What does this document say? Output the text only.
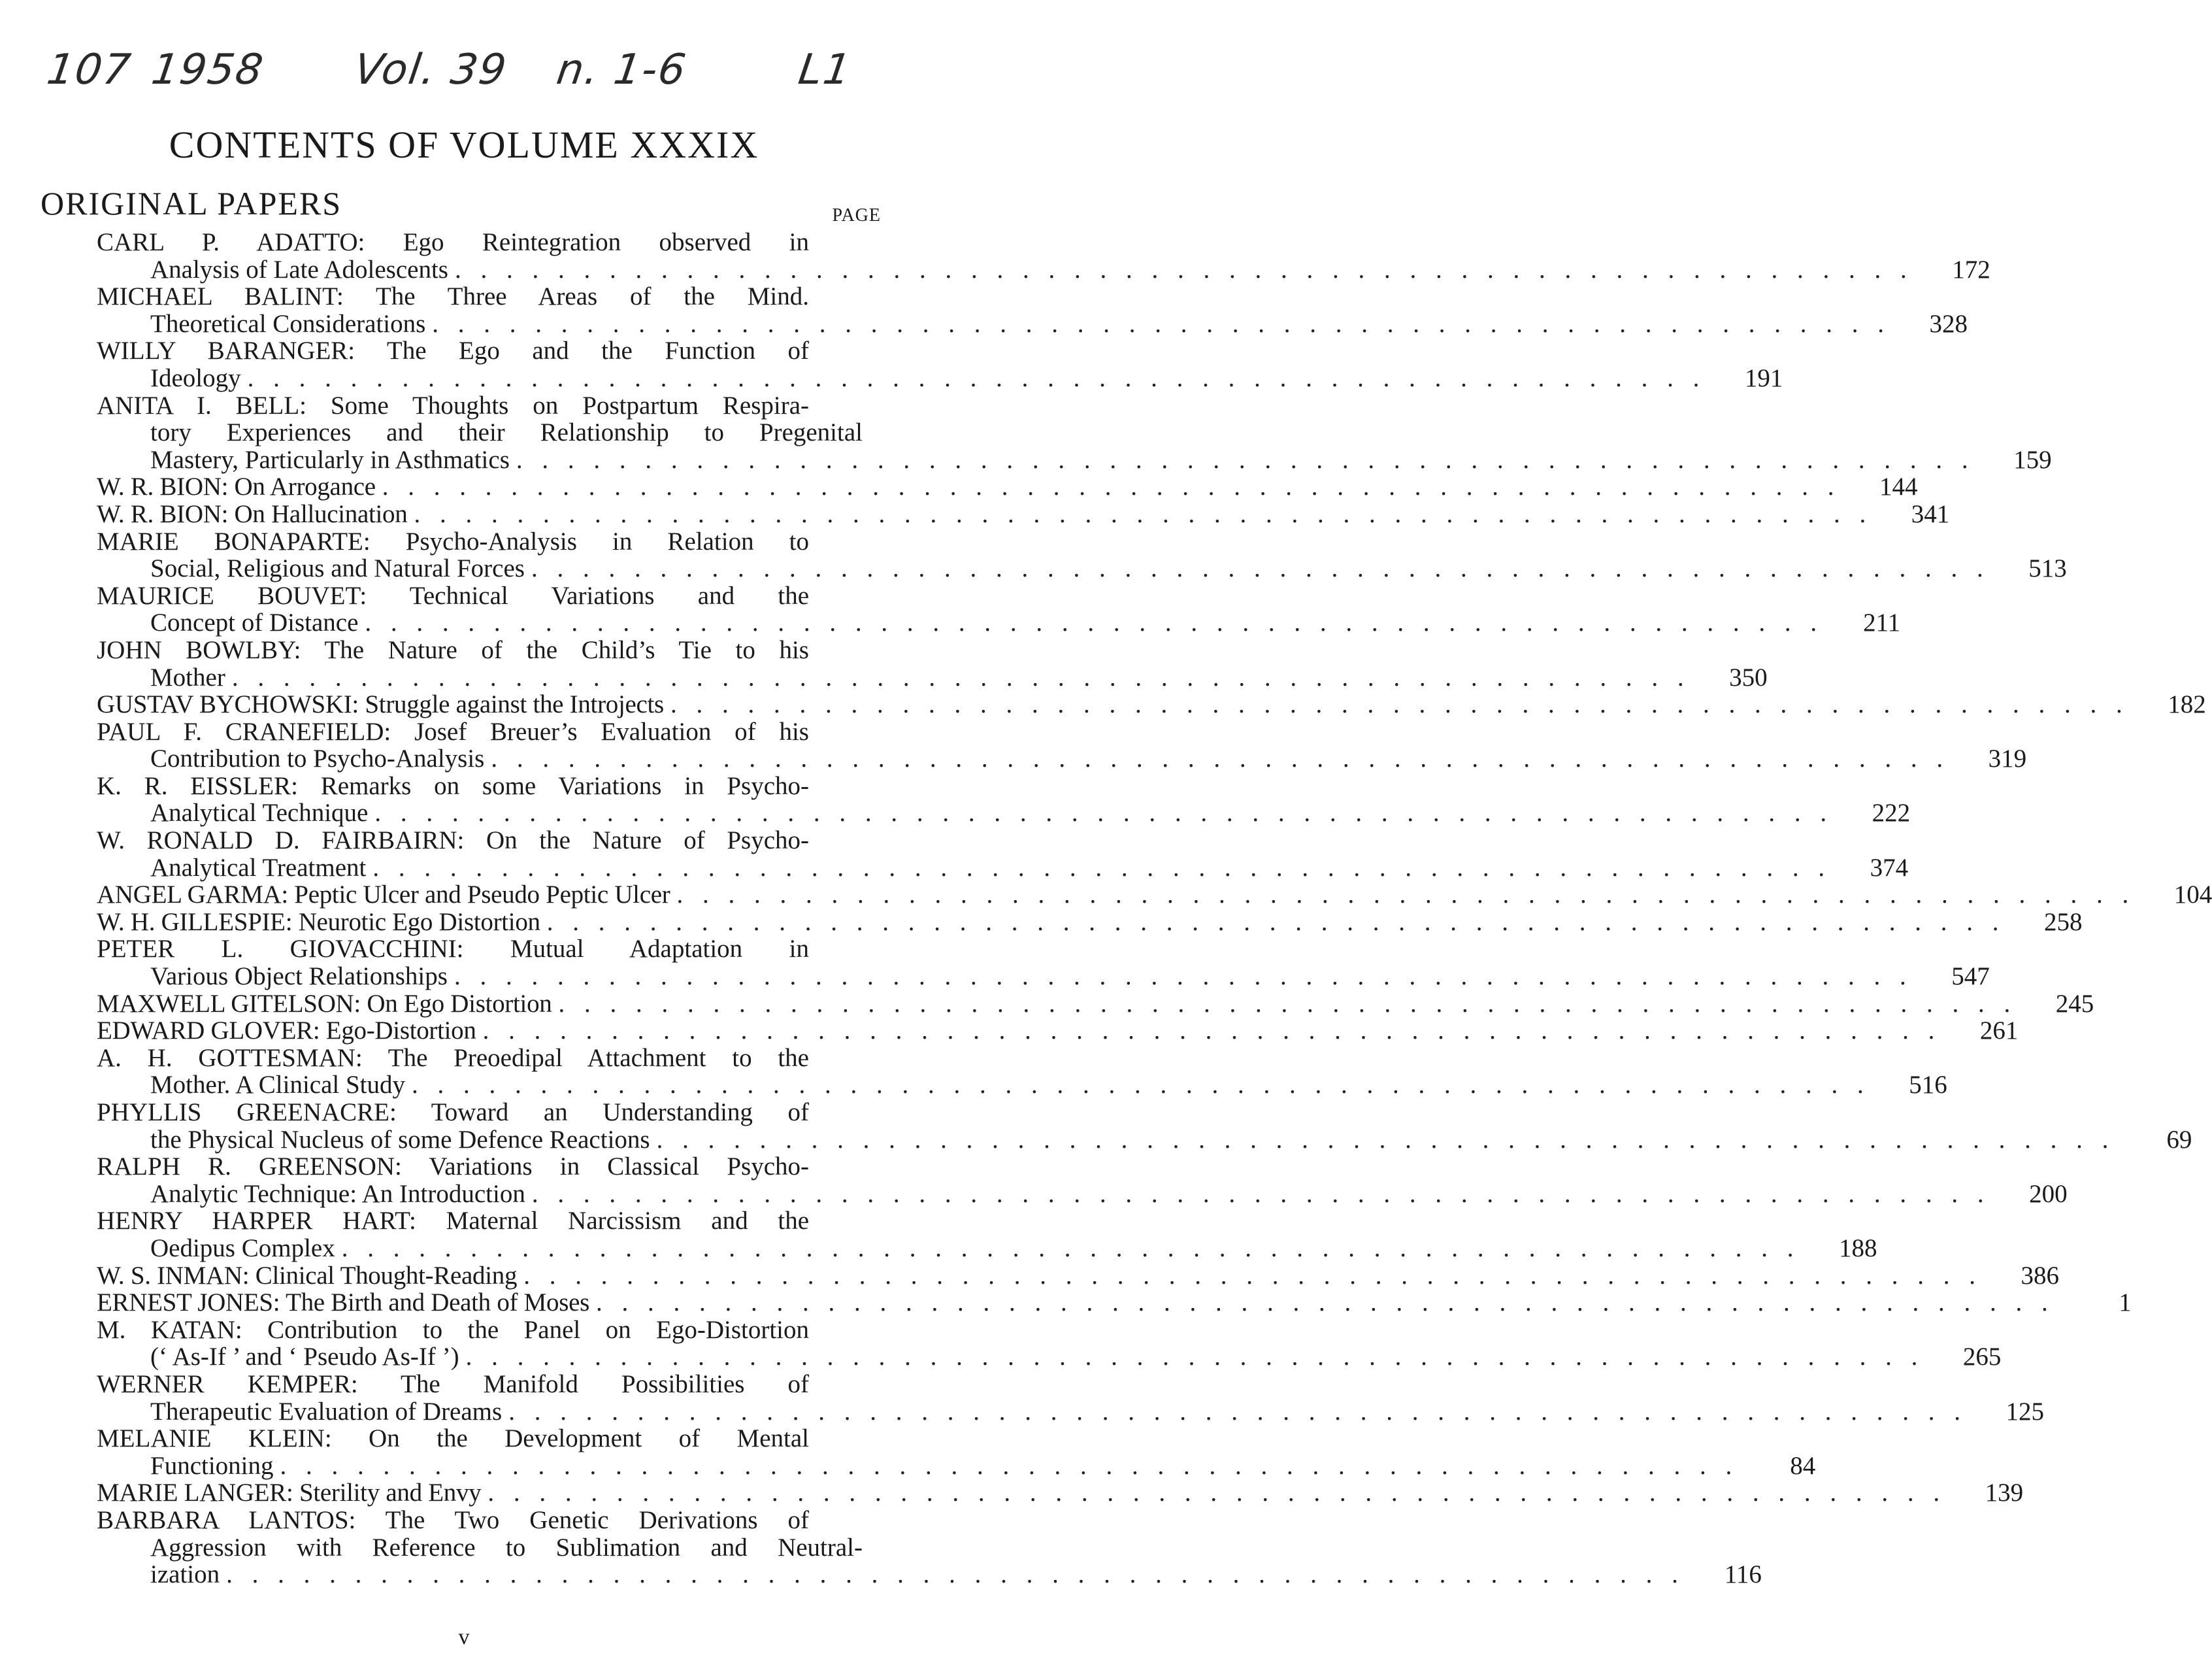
107 1958 Vol. 39 n. 1-6	L1
CONTENTS OF VOLUME XXXIX
ORIGINAL PAPERS	PAGE
CARL P. ADATTO: Ego Reintegration observed in
Analysis of Late Adolescents . . .	172
MICHAEL BALINT: The Three Areas of the Mind.
Theoretical Considerations . . .	328
WILLY BARANGER: The Ego and the Function of
Ideology . . .	191
ANITA I. BELL: Some Thoughts on Postpartum Respira-
tory Experiences and their Relationship to Pregenital
Mastery, Particularly in Asthmatics . . .	159
W. R. BION: On Arrogance . . .	144
W. R. BION: On Hallucination . . .	341
MARIE BONAPARTE: Psycho-Analysis in Relation to
Social, Religious and Natural Forces . . .	513
MAURICE BOUVET: Technical Variations and the
Concept of Distance . . .	211
JOHN BOWLBY: The Nature of the Child’s Tie to his
Mother . . .	350
GUSTAV BYCHOWSKI: Struggle against the Introjects . . .	182
PAUL F. CRANEFIELD: Josef Breuer’s Evaluation of his
Contribution to Psycho-Analysis . . .	319
K. R. EISSLER: Remarks on some Variations in Psycho-
Analytical Technique . . .	222
W. RONALD D. FAIRBAIRN: On the Nature of Psycho-
Analytical Treatment . . .	374
ANGEL GARMA: Peptic Ulcer and Pseudo Peptic Ulcer . . .	104
W. H. GILLESPIE: Neurotic Ego Distortion . . .	258
PETER L. GIOVACCHINI: Mutual Adaptation in
Various Object Relationships . . .	547
MAXWELL GITELSON: On Ego Distortion . . .	245
EDWARD GLOVER: Ego-Distortion . . .	261
A. H. GOTTESMAN: The Preoedipal Attachment to the
Mother. A Clinical Study . . .	516
PHYLLIS GREENACRE: Toward an Understanding of
the Physical Nucleus of some Defence Reactions . . .	69
RALPH R. GREENSON: Variations in Classical Psycho-
Analytic Technique: An Introduction . . .	200
HENRY HARPER HART: Maternal Narcissism and the
Oedipus Complex . . .	188
W. S. INMAN: Clinical Thought-Reading . . .	386
ERNEST JONES: The Birth and Death of Moses . . .	1
M. KATAN: Contribution to the Panel on Ego-Distortion
(‘ As-If ’ and ‘ Pseudo As-If ’) . . .	265
WERNER KEMPER: The Manifold Possibilities of
Therapeutic Evaluation of Dreams . . .	125
MELANIE KLEIN: On the Development of Mental
Functioning . . .	84
MARIE LANGER: Sterility and Envy . . .	139
BARBARA LANTOS: The Two Genetic Derivations of
Aggression with Reference to Sublimation and Neutral-
ization . . .	116
v
